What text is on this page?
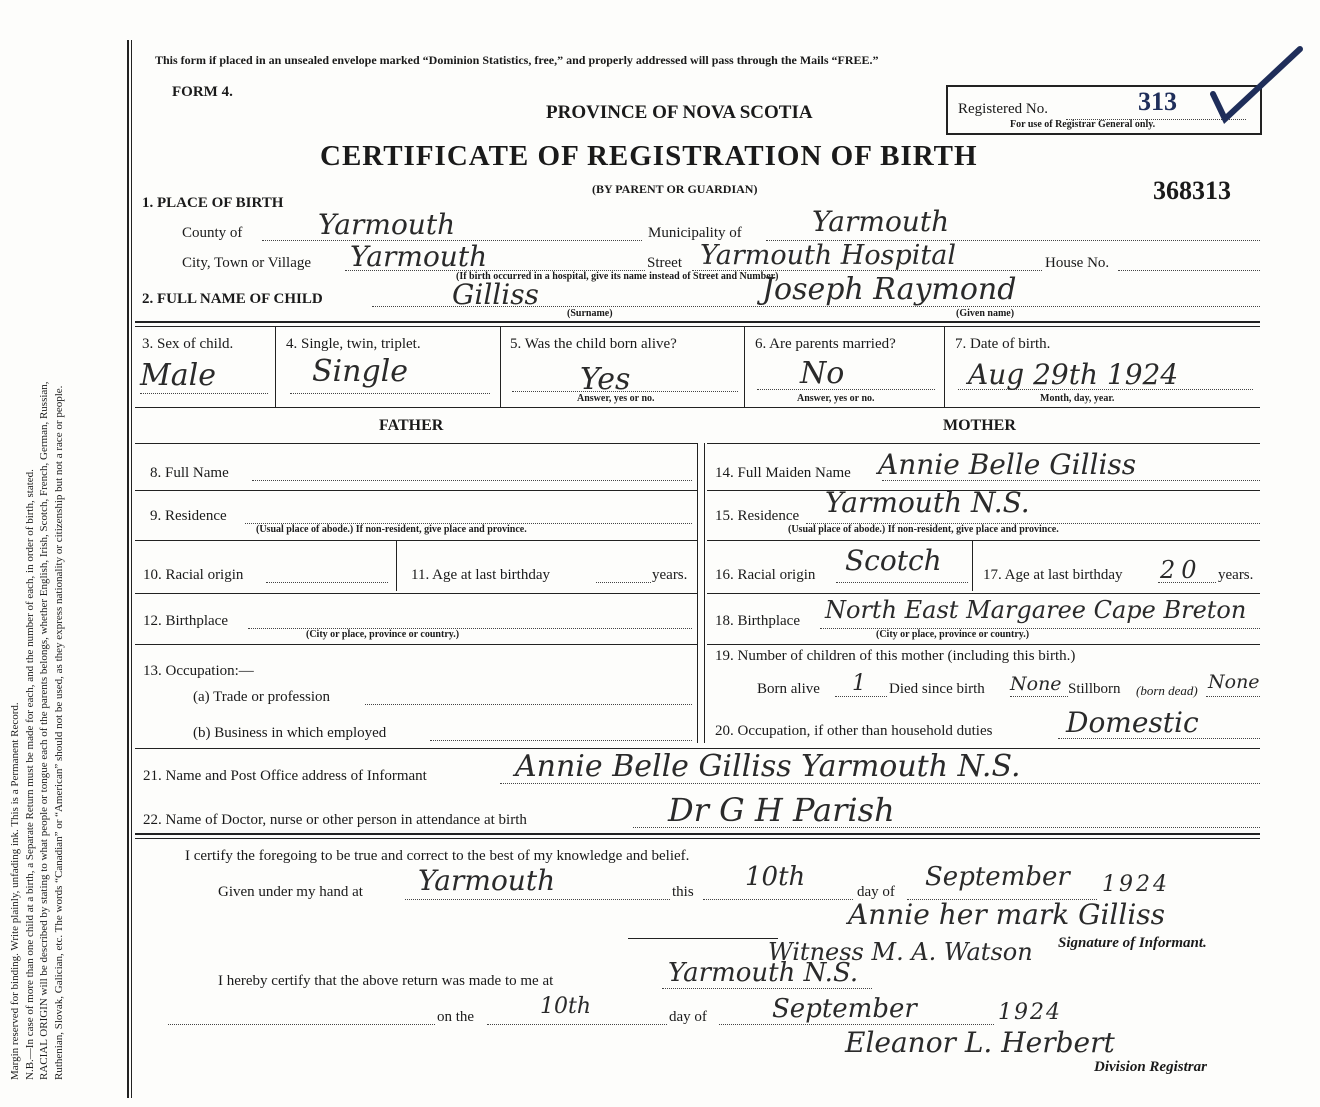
Margin reserved for binding. Write plainly, unfading ink. This is a Permanent Record. N.B.—In case of more than one child at a birth, a Separate Return must be made for each, and the number of each, in order of birth, stated. RACIAL ORIGIN will be described by stating to what people or tongue each of the parents belongs, whether English, Irish, Scotch, French, German, Russian, Ruthenian, Slovak, Galician, etc. The words “Canadian” or “American” should not be used, as they express nationality or citizenship but not a race or people.
This form if placed in an unsealed envelope marked “Dominion Statistics, free,” and properly addressed will pass through the Mails “FREE.”
FORM 4.
PROVINCE OF NOVA SCOTIA	Registered No.	313
For use of Registrar General only.
CERTIFICATE OF REGISTRATION OF BIRTH
(BY PARENT OR GUARDIAN)	368313
1. PLACE OF BIRTH
County of	Yarmouth	Municipality of	Yarmouth
City, Town or Village Yarmouth	Street Yarmouth Hospital	House No.
(If birth occurred in a hospital, give its name instead of Street and Number)
2. FULL NAME OF CHILD	Gilliss	Joseph Raymond
(Surname)	(Given name)
3. Sex of child.
Male
4. Single, twin, triplet.
Single
5. Was the child born alive?
Yes
Answer, yes or no.
6. Are parents married?
No
Answer, yes or no.
7. Date of birth.
Aug 29th 1924
Month, day, year.
FATHER	MOTHER
8. Full Name
9. Residence
(Usual place of abode.) If non-resident, give place and province.
10. Racial origin	11. Age at last birthday	years.
12. Birthplace
(City or place, province or country.)
13. Occupation:—
(a) Trade or profession
(b) Business in which employed
14. Full Maiden Name Annie Belle Gilliss
15. Residence Yarmouth N.S.
(Usual place of abode.) If non-resident, give place and province.
16. Racial origin Scotch	17. Age at last birthday 20 years.
18. Birthplace North East Margaree Cape Breton
(City or place, province or country.)
19. Number of children of this mother (including this birth.)
Born alive 1 Died since birth None Stillborn (born dead) None
20. Occupation, if other than household duties	Domestic
21. Name and Post Office address of Informant	Annie Belle Gilliss Yarmouth N.S.
22. Name of Doctor, nurse or other person in attendance at birth	Dr G H Parish
I certify the foregoing to be true and correct to the best of my knowledge and belief.
Given under my hand at Yarmouth	this 10th	day of September 1924
Annie her mark Gilliss
Signature of Informant.
Witness M. A. Watson
I hereby certify that the above return was made to me at	Yarmouth N.S.
on the	10th	day of	September	1924
Eleanor L. Herbert
Division Registrar
